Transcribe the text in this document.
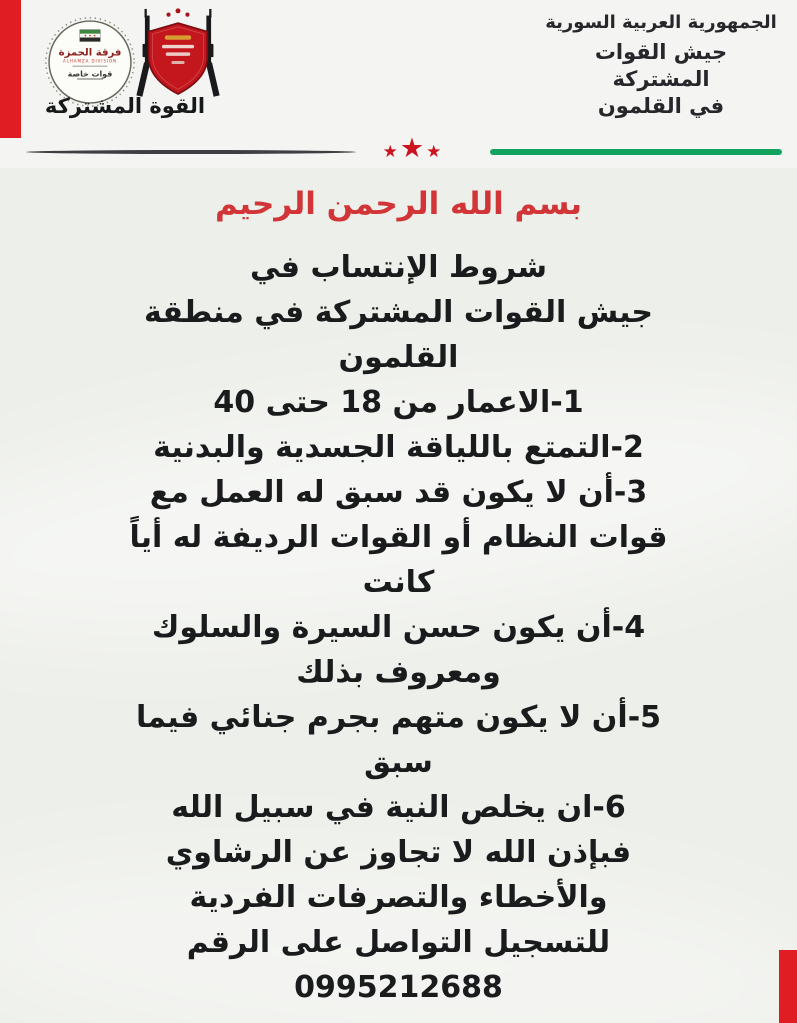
فرقة الحمزة
ALHAMZA DIVISION
قوات خاصة
القوة المشتركة
الجمهورية العربية السورية
جيش القوات
المشتركة
في القلمون
★ ★ ★
بسم الله الرحمن الرحيم
شروط الإنتساب في
جيش القوات المشتركة في منطقة
القلمون
1-الاعمار من 18 حتى 40
2-التمتع باللياقة الجسدية والبدنية
3-أن لا يكون قد سبق له العمل مع
قوات النظام أو القوات الرديفة له أياً
كانت
4-أن يكون حسن السيرة والسلوك
ومعروف بذلك
5-أن لا يكون متهم بجرم جنائي فيما
سبق
6-ان يخلص النية في سبيل الله
فبإذن الله لا تجاوز عن الرشاوي
والأخطاء والتصرفات الفردية
للتسجيل التواصل على الرقم
0995212688
